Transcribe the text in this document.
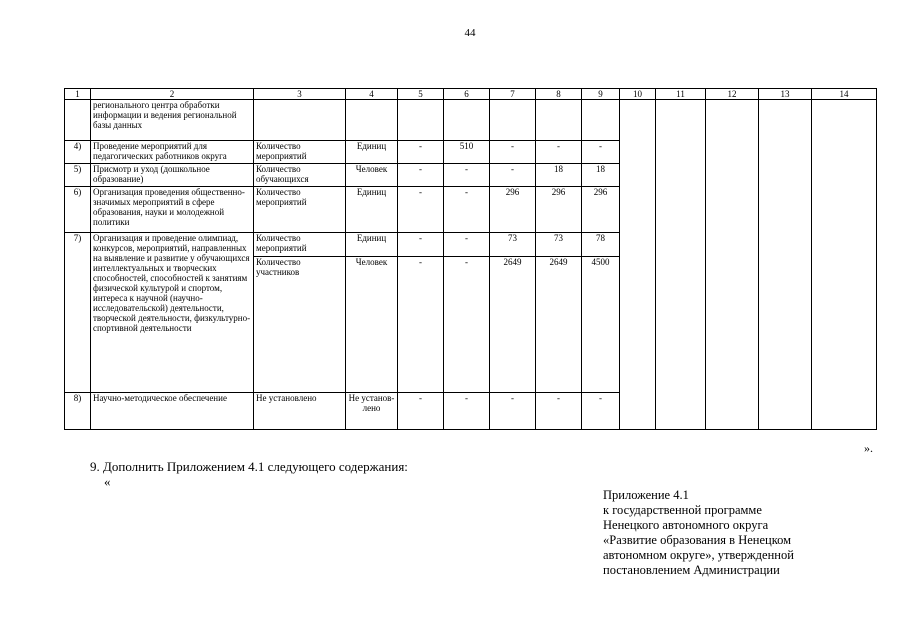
44
1	2	3	4	5	6	7	8	9	10	11	12	13	14
	регионального центра обработки информации и ведения региональной базы данных												
4)	Проведение мероприятий для педагогических работников округа	Количество мероприятий	Единиц	-	510	-	-	-					
5)	Присмотр и уход (дошкольное образование)	Количество обучающихся	Человек	-	-	-	18	18					
6)	Организация проведения общественно-значимых мероприятий в сфере образования, науки и молодежной политики	Количество мероприятий	Единиц	-	-	296	296	296					
7)	Организация и проведение олимпиад, конкурсов, мероприятий, направленных на выявление и развитие у обучающихся интеллектуальных и творческих способностей, способностей к занятиям физической культурой и спортом, интереса к научной (научно-исследовательской) деятельности, творческой деятельности, физкультурно-спортивной деятельности	Количество мероприятий	Единиц	-	-	73	73	78					
		Количество участников	Человек	-	-	2649	2649	4500					
8)	Научно-методическое обеспечение	Не установлено	Не установ-лено	-	-	-	-	-					
».
9. Дополнить Приложением 4.1 следующего содержания:
«
Приложение 4.1
к государственной программе
Ненецкого автономного округа
«Развитие образования в Ненецком
автономном округе», утвержденной
постановлением Администрации
